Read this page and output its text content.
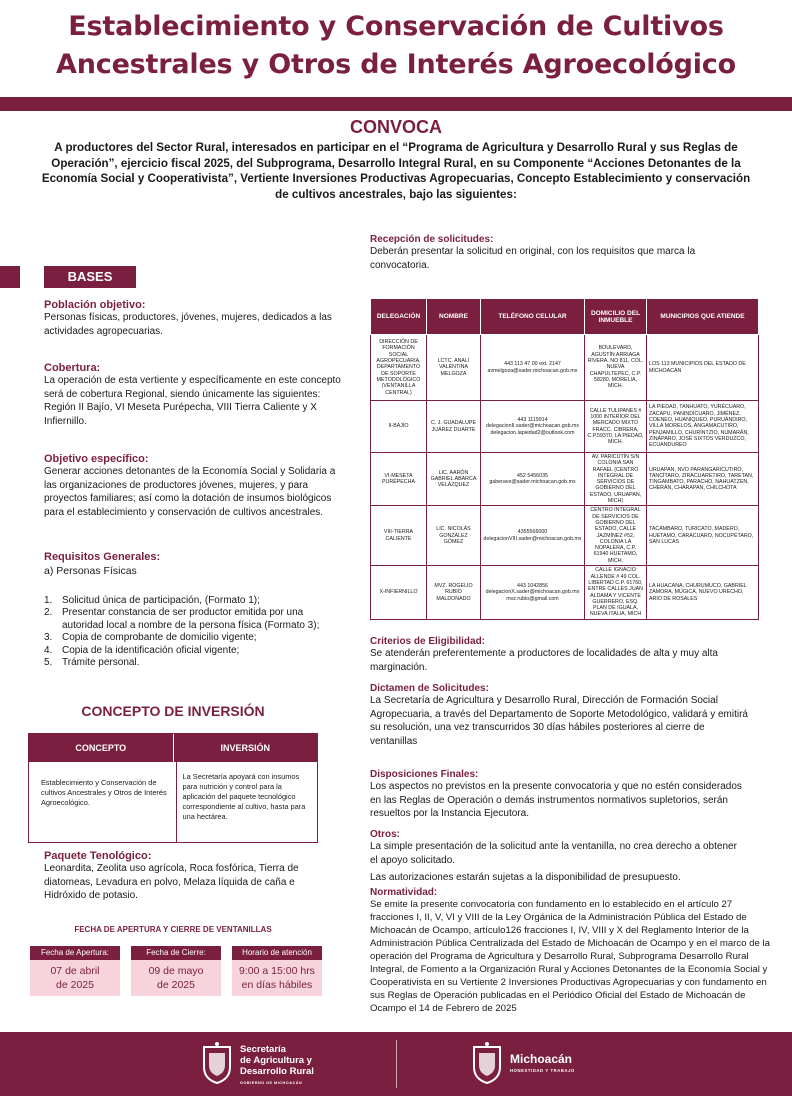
Establecimiento y Conservación de Cultivos
Ancestrales y Otros de Interés Agroecológico
CONVOCA
A productores del Sector Rural, interesados en participar en el “Programa de Agricultura y Desarrollo Rural y sus Reglas de Operación”, ejercicio fiscal 2025, del Subprograma, Desarrollo Integral Rural, en su Componente “Acciones Detonantes de la Economía Social y Cooperativista”, Vertiente Inversiones Productivas Agropecuarias, Concepto Establecimiento y conservación de cultivos ancestrales, bajo las siguientes:
BASES
Población objetivo:
Personas físicas, productores, jóvenes, mujeres, dedicados a las actividades agropecuarias.
Cobertura:
La operación de esta vertiente y específicamente en este concepto será de cobertura Regional, siendo únicamente las siguientes: Región II Bajío, VI Meseta Purépecha, VIII Tierra Caliente y X Infiernillo.
Objetivo específico:
Generar acciones detonantes de la Economía Social y Solidaria a las organizaciones de productores jóvenes, mujeres, y para proyectos familiares; así como la dotación de insumos biológicos para el establecimiento y conservación de cultivos ancestrales.
Requisitos Generales:
a) Personas Físicas
1. Solicitud única de participación, (Formato 1);
2. Presentar constancia de ser productor emitida por una autoridad local a nombre de la persona física (Formato 3);
3. Copia de comprobante de domicilio vigente;
4. Copia de la identificación oficial vigente;
5. Trámite personal.
CONCEPTO DE INVERSIÓN
CONCEPTO	INVERSIÓN
Establecimiento y Conservación de cultivos Ancestrales y Otros de Interés Agroecológico.
La Secretaría apoyará con insumos para nutrición y control para la aplicación del paquete tecnológico correspondiente al cultivo, hasta para una hectárea.
Paquete Tenológico:
Leonardita, Zeolita uso agrícola, Roca fosfórica, Tierra de diatomeas, Levadura en polvo, Melaza líquida de caña e Hidróxido de potasio.
FECHA DE APERTURA Y CIERRE DE VENTANILLAS
Fecha de Apertura:
07 de abril
de 2025
Fecha de Cierre:
09 de mayo
de 2025
Horario de atención
9:00 a 15:00 hrs
en días hábiles
Recepción de solicitudes:
Deberán presentar la solicitud en original, con los requisitos que marca la convocatoria.
DELEGACIÓN	NOMBRE	TELÉFONO CELULAR	DOMICILIO DEL INMUEBLE	MUNICIPIOS QUE ATIENDE
DIRECCIÓN DE FORMACIÓN SOCIAL AGROPECUARIA, DEPARTAMENTO DE SOPORTE METODOLÓGICO (VENTANILLA CENTRAL)	LCTC. ANALÍ VALENTINA MELGOZA	443 113 47 00 ext. 2147 avmelgoza@sader.michoacan.gob.mx	BOULEVARD, AGUSTÍN ARRIAGA RIVERA, NO 811, COL. NUEVA CHAPULTEPEC, C.P. 58280, MORELIA, MICH.	LOS 113 MUNICIPIOS DEL ESTADO DE MICHOACÁN
II-BAJÍO	C. J. GUADALUPE JUÁREZ DUARTE	443 1119914 delegacionII.sader@michoacan.gob.mx delegacion.lapiedad2@outlook.com	CALLE TULIPANES # 1000 INTERIOR DEL MERCADO MIXTO FRACC. CIBRERA, C.P.59370, LA PIEDAD, MICH.	LA PIEDAD, TANHUATO, YURÉCUARO, ZACAPU, PANINDÍCUARO, JIMÉNEZ, COENEO, HUANIQUEO, PURUÁNDIRO, VILLA MORELOS, ANGAMACUTIRO, PENJAMILLO, CHURINTZIO, NUMARÁN, ZINÁPARO, JOSÉ SIXTOS VERDUZCO, ECUANDUREO
VI-MESETA PURÉPECHA	LIC. AARÓN GABRIEL ABARCA VELÁZQUEZ	452 5456035 gaberave@sader.michoacan.gob.mx	AV. PARICUTÍN S/N COLONIA SAN RAFAEL (CENTRO INTEGRAL DE SERVICIOS DE GOBIERNO DEL ESTADO, URUAPAN, MICH)	URUAPAN, NVO PARANGARICUTIRO, TANCÍTARO, ZIRACUARETIRO, TARETAN, TINGAMBATO, PARACHO, NAHUATZEN, CHERÁN, CHARAPAN, CHILCHOTA
VIII-TIERRA CALIENTE	LIC. NICOLÁS GONZÁLEZ GÓMEZ	4355566000 delegacionVIII.sader@michoacan.gob.mx	CENTRO INTEGRAL DE SERVICIOS DE GOBIERNO DEL ESTADO, CALLE JAZMÍNEZ #52, COLONIA LA NOPALERA, C.P. 61940 HUETAMO, MICH.	TACÁMBARO, TURICATO, MADERO, HUETAMO, CARÁCUARO, NOCUPÉTARO, SAN LUCAS
X-INFIERNILLO	MVZ. ROGELIO RUBIO MALDONADO	443 1042856 delegacionX.sader@michoacan.gob.mx mvz.rubio@gmail.com	CALLE IGNACIO ALLENDE # 49 COL. LIBERTAD C.P. 61760, ENTRE CALLES JUAN ALDAMA Y VICENTE GUERRERO, ESQ. PLAN DE IGUALA, NUEVA ITALIA, MICH	LA HUACANA, CHURUMUCO, GABRIEL ZAMORA, MÚGICA, NUEVO URECHO, ARIO DE ROSALES
Criterios de Eligibilidad:
Se atenderán preferentemente a productores de localidades de alta y muy alta marginación.
Dictamen de Solicitudes:
La Secretaría de Agricultura y Desarrollo Rural, Dirección de Formación Social Agropecuaria, a través del Departamento de Soporte Metodológico, validará y emitirá su resolución, una vez transcurridos 30 días hábiles posteriores al cierre de ventanillas
Disposiciones Finales:
Los aspectos no previstos en la presente convocatoria y que no estén considerados en las Reglas de Operación o demás instrumentos normativos supletorios, serán resueltos por la Instancia Ejecutora.
Otros:
La simple presentación de la solicitud ante la ventanilla, no crea derecho a obtener el apoyo solicitado.
Las autorizaciones estarán sujetas a la disponibilidad de presupuesto.
Normatividad:
Se emite la presente convocatoria con fundamento en lo establecido en el artículo 27 fracciones I, II, V, VI y VIII de la Ley Orgánica de la Administración Pública del Estado de Michoacán de Ocampo, artículo126 fracciones I, IV, VIII y X del Reglamento Interior de la Administración Pública Centralizada del Estado de Michoacán de Ocampo y en el marco de la operación del Programa de Agricultura y Desarrollo Rural, Subprograma Desarrollo Rural Integral, de Fomento a la Organización Rural y Acciones Detonantes de la Economía Social y Cooperativista en su Vertiente 2 Inversiones Productivas Agropecuarias y con fundamento en sus Reglas de Operación publicadas en el Periódico Oficial del Estado de Michoacán de Ocampo el 14 de Febrero de 2025
Secretaría
de Agricultura y
Desarrollo Rural
GOBIERNO DE MICHOACÁN
Michoacán
HONESTIDAD Y TRABAJO
